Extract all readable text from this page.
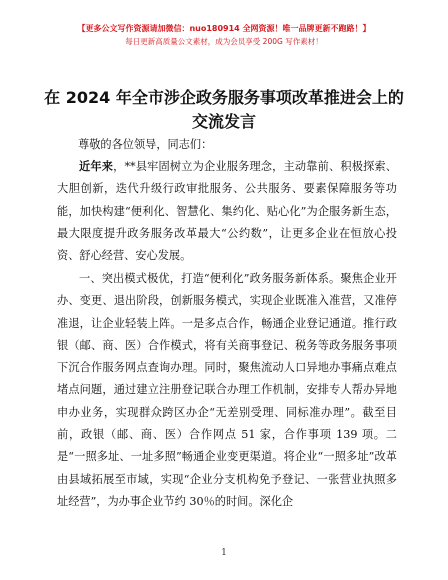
【更多公文写作资源请加微信：nuo180914 全网资源！唯一品牌更新不跑路！】
每日更新高质量公文素材，成为会员享受 200G 写作素材！
在 2024 年全市涉企政务服务事项改革推进会上的交流发言
尊敬的各位领导，同志们：
近年来，**县牢固树立为企业服务理念，主动靠前、积极探索、大胆创新，迭代升级行政审批服务、公共服务、要素保障服务等功能，加快构建“便利化、智慧化、集约化、贴心化”为企服务新生态，最大限度提升政务服务改革最大“公约数”，让更多企业在恒放心投资、舒心经营、安心发展。
一、突出模式极优，打造“便利化”政务服务新体系。聚焦企业开办、变更、退出阶段，创新服务模式，实现企业既准入准营，又准停准退，让企业轻装上阵。一是多点合作，畅通企业登记通道。推行政银（邮、商、医）合作模式，将有关商事登记、税务等政务服务事项下沉合作服务网点查询办理。同时，聚焦流动人口异地办事痛点难点堵点问题，通过建立注册登记联合办理工作机制，安排专人帮办异地申办业务，实现群众跨区办企“无差别受理、同标准办理”。截至目前，政银（邮、商、医）合作网点 51 家，合作事项 139 项。二是“一照多址、一址多照”畅通企业变更渠道。将企业“一照多址”改革由县域拓展至市域，实现“企业分支机构免予登记、一张营业执照多址经营”，为办事企业节约 30％的时间。深化企
1
